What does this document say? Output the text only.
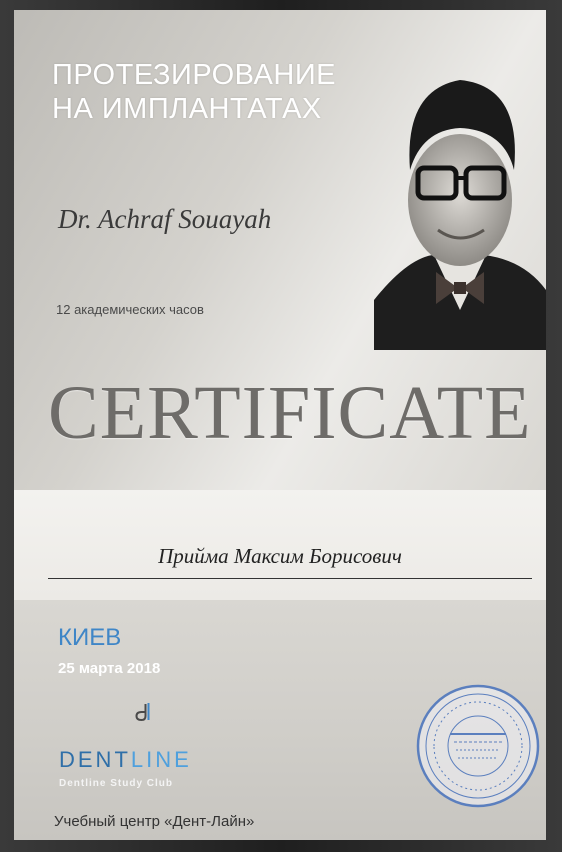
ПРОТЕЗИРОВАНИЕ
НА ИМПЛАНТАТАХ
Dr. Achraf Souayah
12 академических часов
CERTIFICATE
Прийма Максим Борисович
КИЕВ
25 марта 2018
DENTLINE
Dentline Study Club
Учебный центр «Дент-Лайн»
